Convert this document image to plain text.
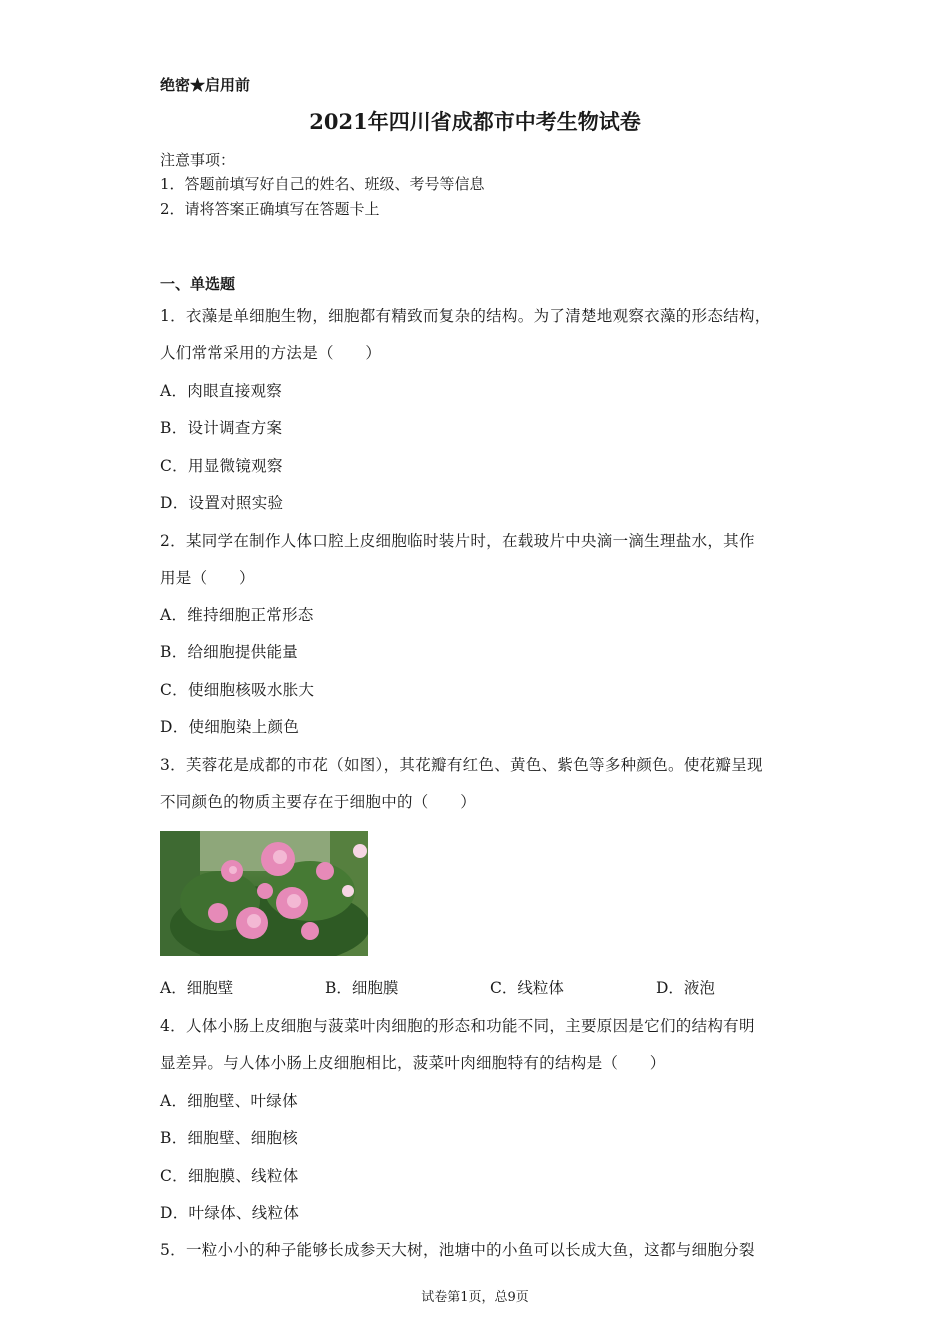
绝密★启用前
2021年四川省成都市中考生物试卷
注意事项：
1．答题前填写好自己的姓名、班级、考号等信息
2．请将答案正确填写在答题卡上
一、单选题
1．衣藻是单细胞生物，细胞都有精致而复杂的结构。为了清楚地观察衣藻的形态结构，
人们常常采用的方法是（　　）
A．肉眼直接观察
B．设计调查方案
C．用显微镜观察
D．设置对照实验
2．某同学在制作人体口腔上皮细胞临时装片时，在载玻片中央滴一滴生理盐水，其作
用是（　　）
A．维持细胞正常形态
B．给细胞提供能量
C．使细胞核吸水胀大
D．使细胞染上颜色
3．芙蓉花是成都的市花（如图），其花瓣有红色、黄色、紫色等多种颜色。使花瓣呈现
不同颜色的物质主要存在于细胞中的（　　）
A．细胞壁	B．细胞膜	C．线粒体	D．液泡
4．人体小肠上皮细胞与菠菜叶肉细胞的形态和功能不同，主要原因是它们的结构有明
显差异。与人体小肠上皮细胞相比，菠菜叶肉细胞特有的结构是（　　）
A．细胞壁、叶绿体
B．细胞壁、细胞核
C．细胞膜、线粒体
D．叶绿体、线粒体
5．一粒小小的种子能够长成参天大树，池塘中的小鱼可以长成大鱼，这都与细胞分裂
试卷第1页，总9页
